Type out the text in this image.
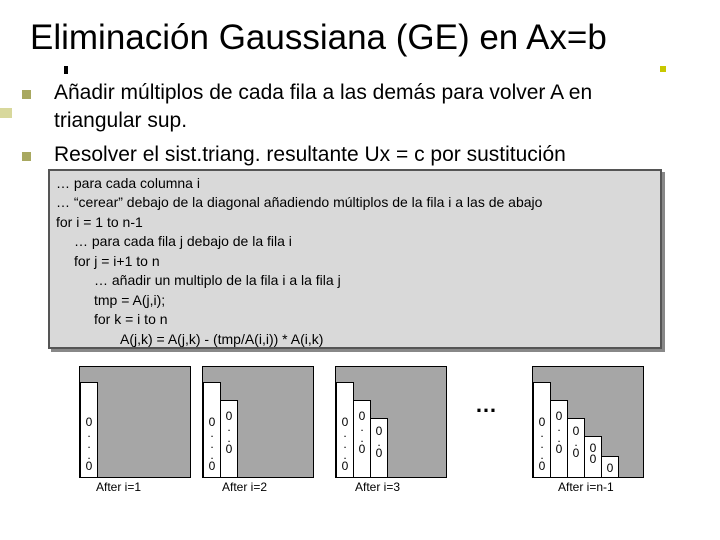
Eliminación Gaussiana (GE) en Ax=b
Añadir múltiplos de cada fila a las demás para volver A en
triangular sup.
Resolver el sist.triang. resultante Ux = c por sustitución
… para cada columna i
… “cerear” debajo de la diagonal añadiendo múltiplos de la fila i a las de abajo
for i = 1 to n-1
… para cada fila j debajo de la fila i
for j = i+1 to n
… añadir un multiplo de la fila i a la fila j
tmp = A(j,i);
for k = i to n
A(j,k) = A(j,k) - (tmp/A(i,i)) * A(i,k)
0
.
.
.
0
After i=1
0
.
.
.
0
0
.
.
0
After i=2
0
.
.
.
0
0
.
.
0
0
.
0
After i=3
…
0
.
.
.
0
0
.
.
0
0
.
0 0
0
0
After i=n-1
